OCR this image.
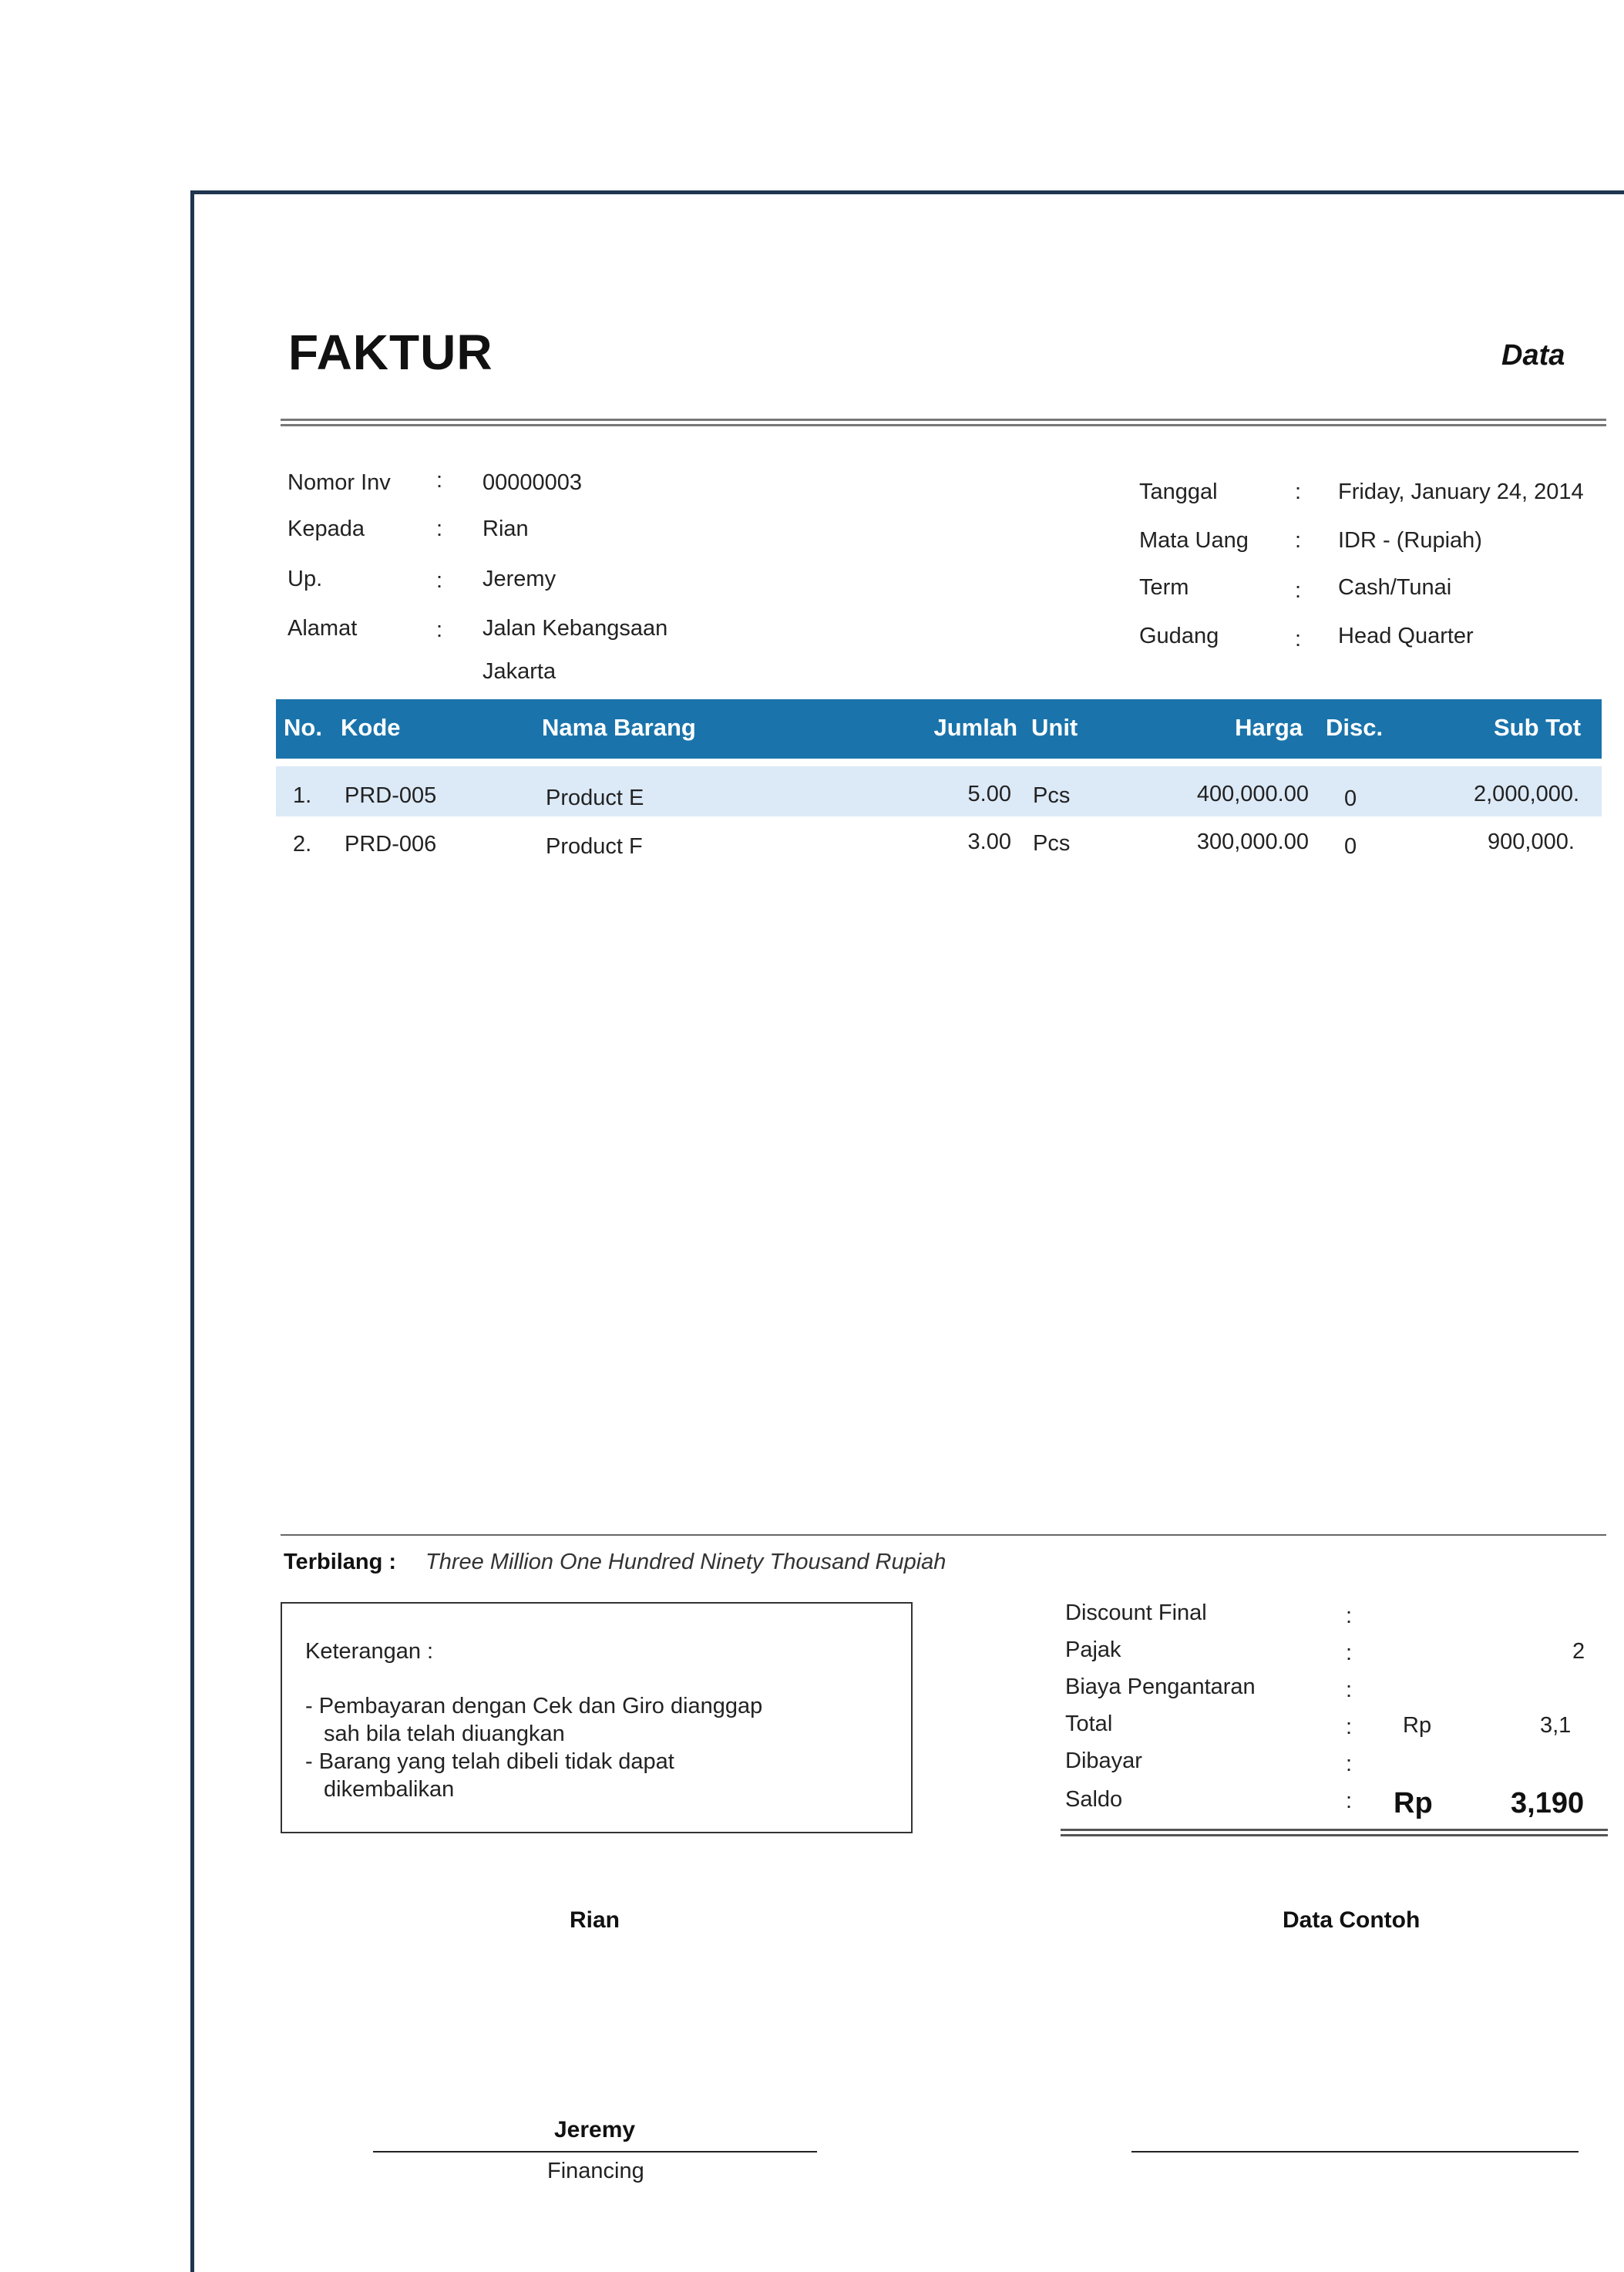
FAKTUR	Data
Nomor Inv : 00000003
Kepada	: Rian
Up.	: Jeremy
Alamat	: Jalan Kebangsaan
Jakarta
Tanggal	: Friday, January 24, 2014
Mata Uang : IDR - (Rupiah)
Term	: Cash/Tunai
Gudang	: Head Quarter
No. Kode	Nama Barang	Jumlah Unit	Harga Disc.	Sub Tot
1. PRD-005	Product E	5.00 Pcs	400,000.00 0	2,000,000.
2. PRD-006	Product F	3.00 Pcs	300,000.00 0	900,000.
Terbilang : Three Million One Hundred Ninety Thousand Rupiah
Keterangan :
- Pembayaran dengan Cek dan Giro dianggap
sah bila telah diuangkan
- Barang yang telah dibeli tidak dapat
dikembalikan
Discount Final	:
Pajak	:	2
Biaya Pengantaran	:
Total	: Rp	3,1
Dibayar	:
Saldo	: Rp	3,190
Rian	Data Contoh
Jeremy
Financing
